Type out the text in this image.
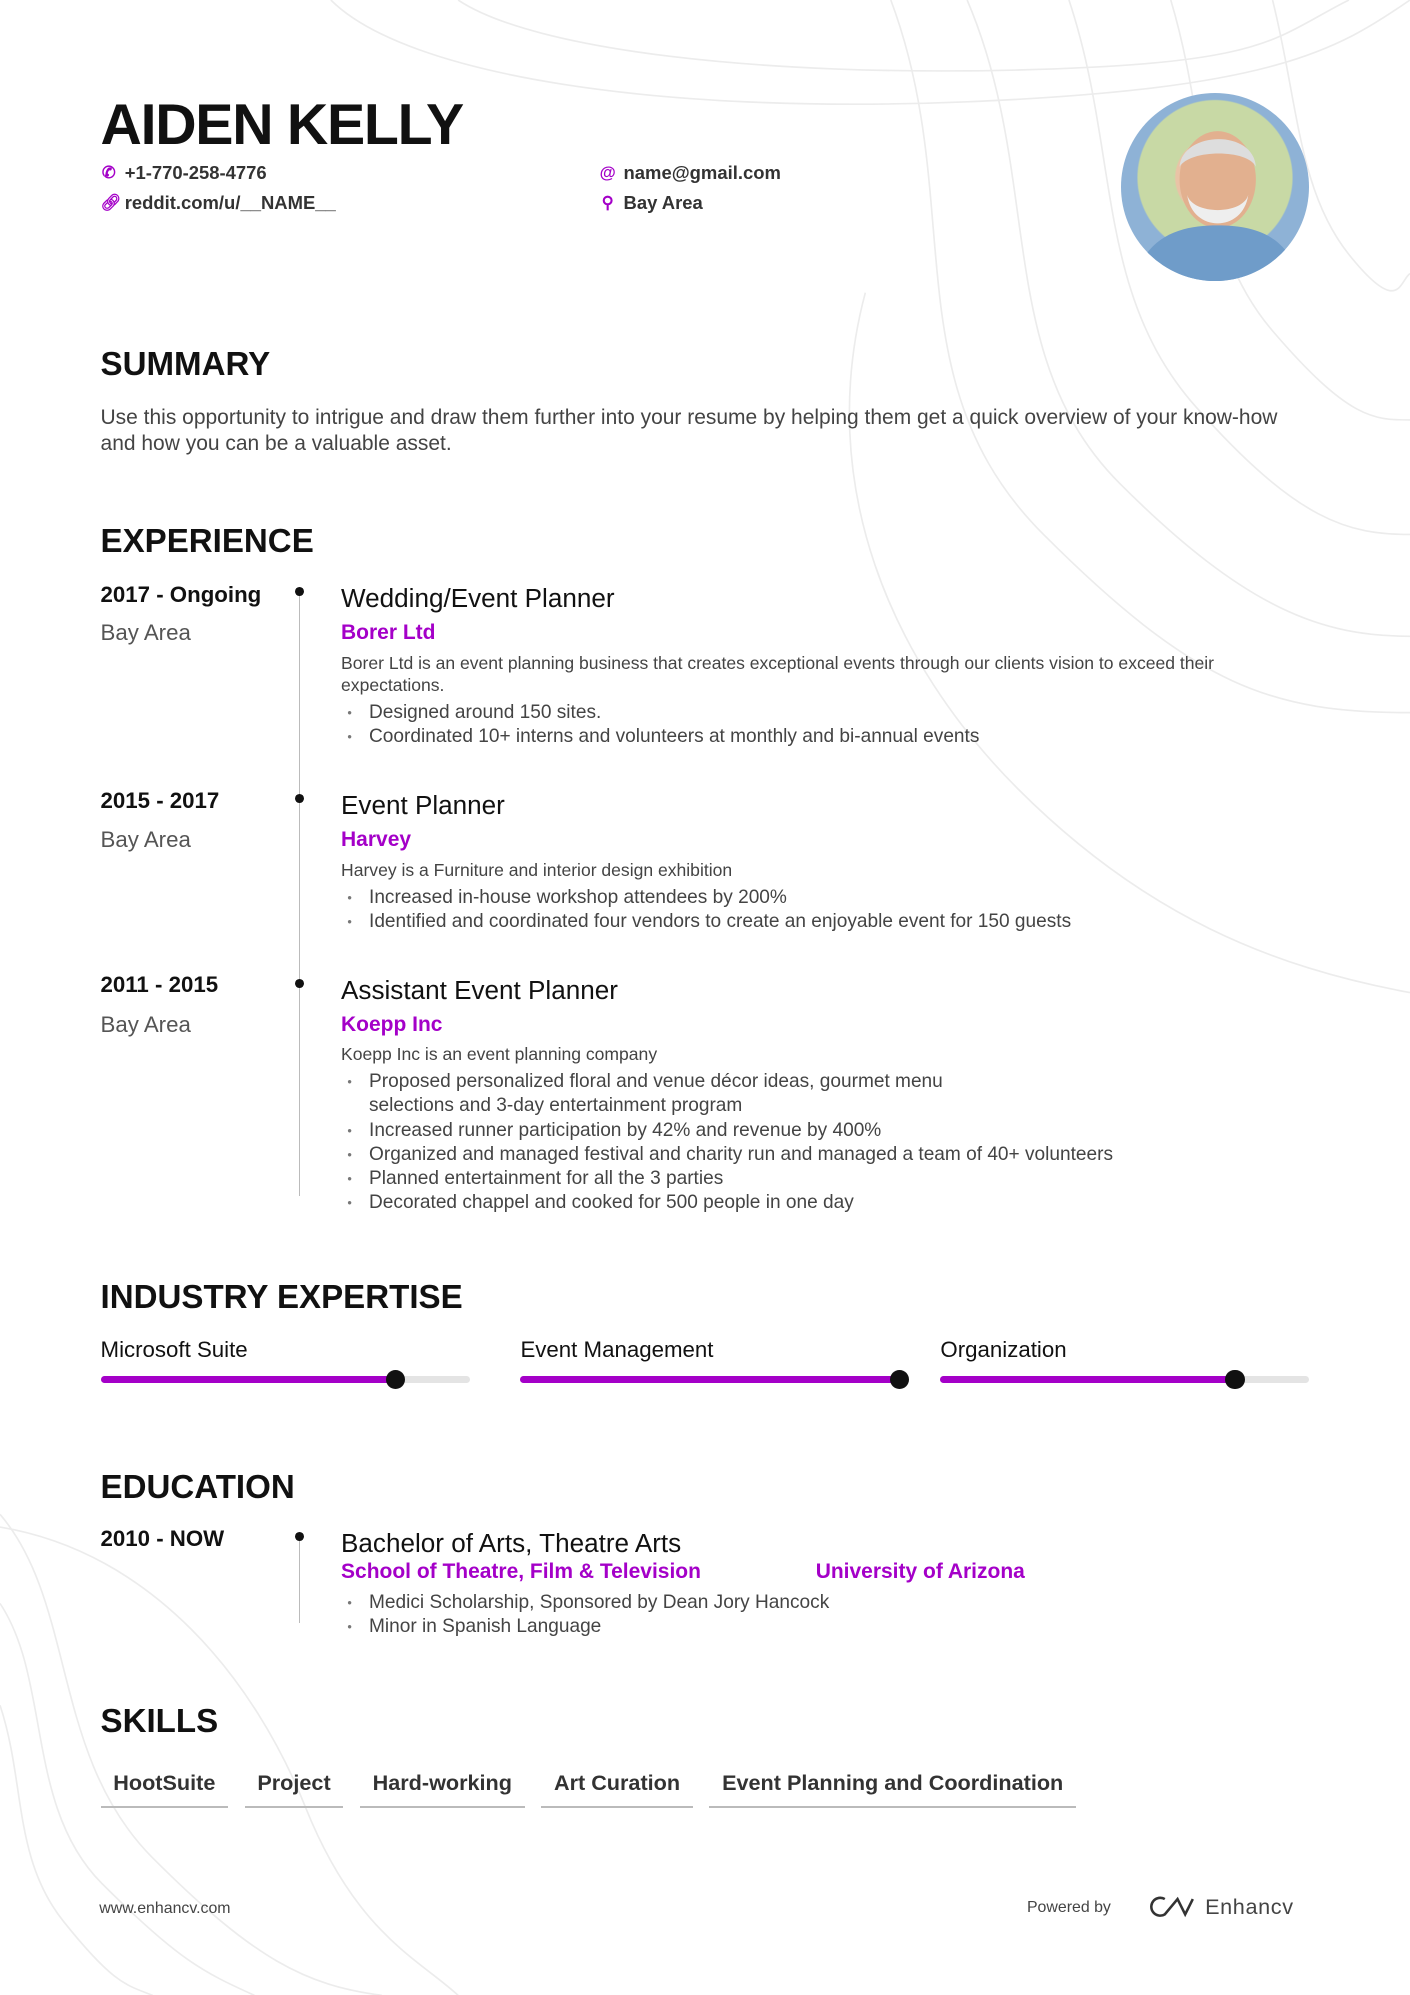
AIDEN KELLY
✆ +1-770-258-4776
🔗︎ reddit.com/u/__NAME__
@ name@gmail.com
⚲ Bay Area
SUMMARY
Use this opportunity to intrigue and draw them further into your resume by helping them get a quick overview of your know-how and how you can be a valuable asset.
EXPERIENCE
2017 - Ongoing
Bay Area
Wedding/Event Planner
Borer Ltd
Borer Ltd is an event planning business that creates exceptional events through our clients vision to exceed their expectations.
• Designed around 150 sites.
• Coordinated 10+ interns and volunteers at monthly and bi-annual events
2015 - 2017
Bay Area
Event Planner
Harvey
Harvey is a Furniture and interior design exhibition
• Increased in-house workshop attendees by 200%
• Identified and coordinated four vendors to create an enjoyable event for 150 guests
2011 - 2015
Bay Area
Assistant Event Planner
Koepp Inc
Koepp Inc is an event planning company
• Proposed personalized floral and venue décor ideas, gourmet menu selections and 3-day entertainment program
• Increased runner participation by 42% and revenue by 400%
• Organized and managed festival and charity run and managed a team of 40+ volunteers
• Planned entertainment for all the 3 parties
• Decorated chappel and cooked for 500 people in one day
INDUSTRY EXPERTISE
Microsoft Suite	Event Management	Organization
EDUCATION
2010 - NOW	Bachelor of Arts, Theatre Arts
School of Theatre, Film & Television	University of Arizona
• Medici Scholarship, Sponsored by Dean Jory Hancock
• Minor in Spanish Language
SKILLS
HootSuite	Project	Hard-working	Art Curation	Event Planning and Coordination
www.enhancv.com	Powered by	Enhancv
